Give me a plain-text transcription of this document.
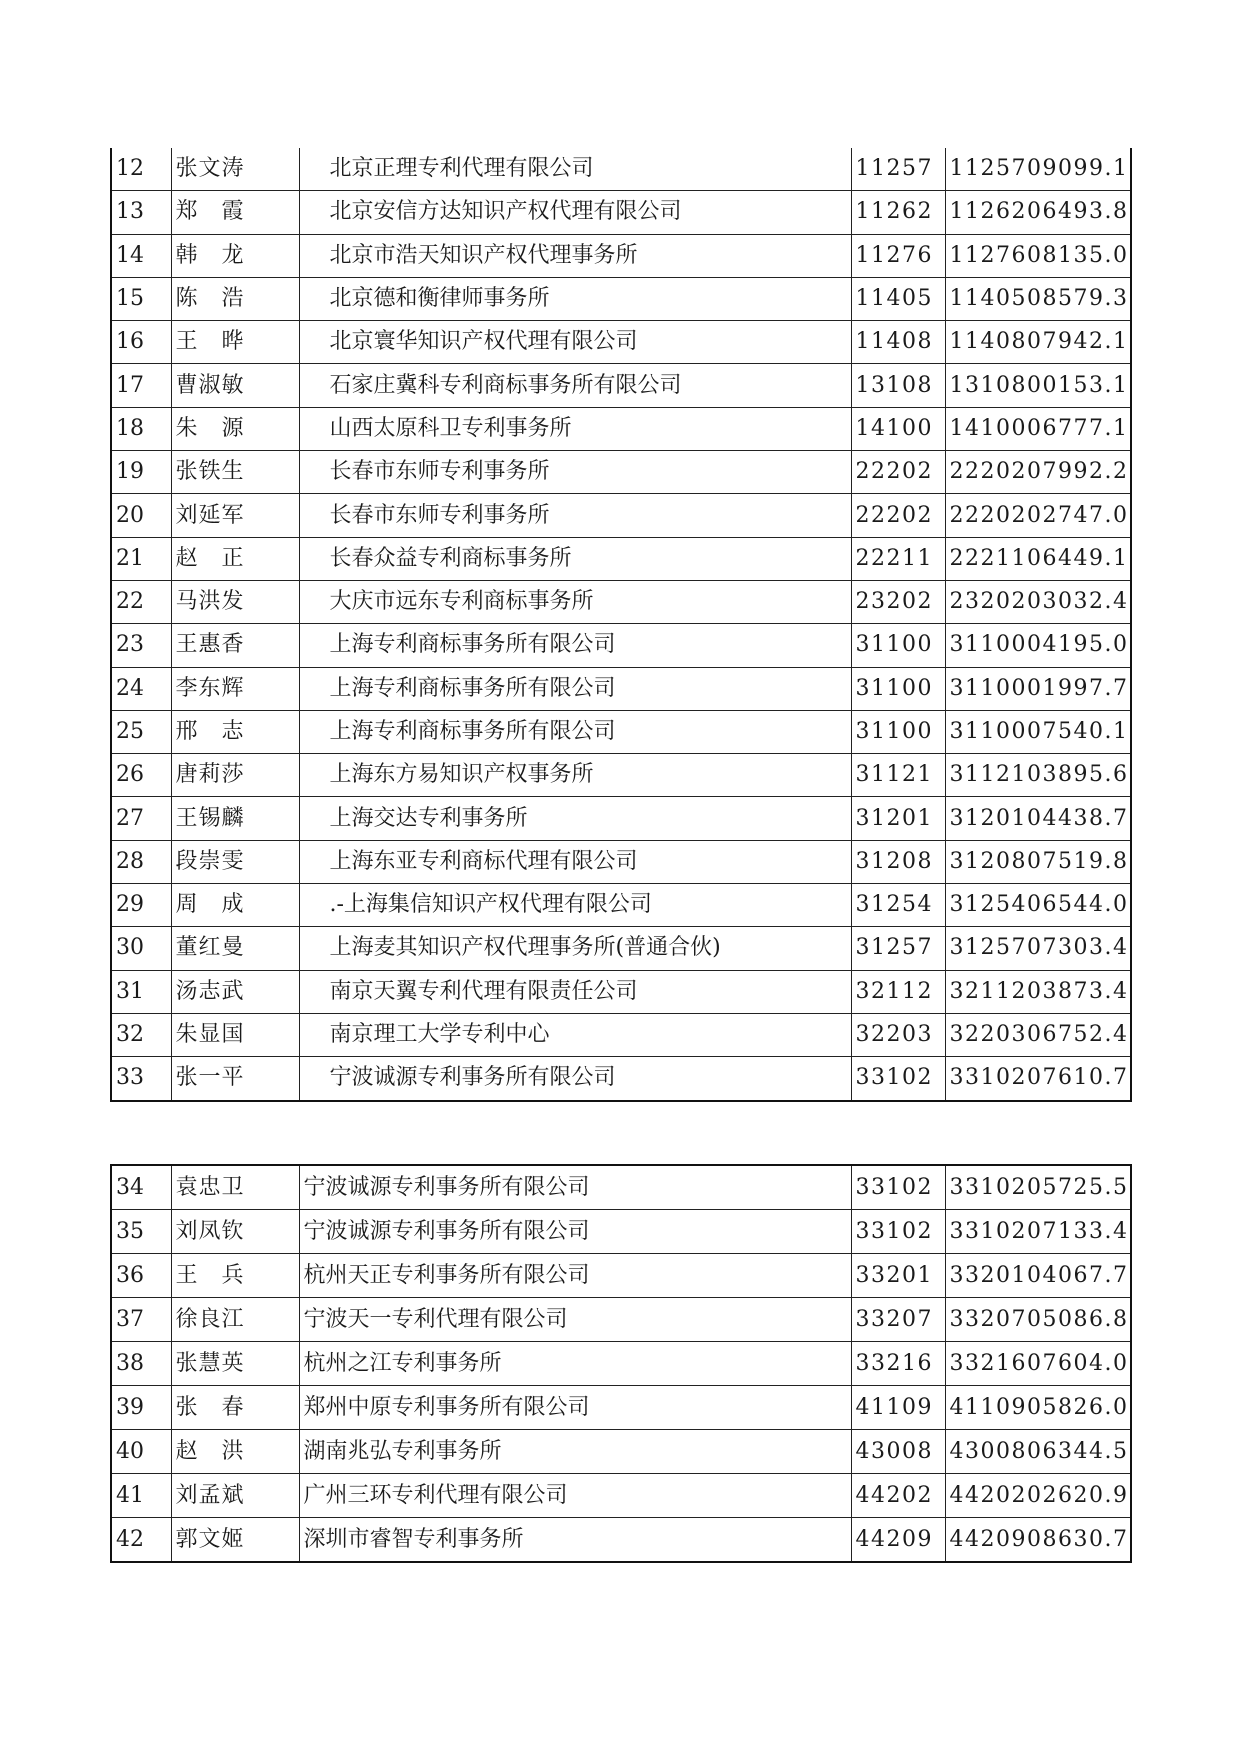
12	张文涛	北京正理专利代理有限公司	11257	1125709099.1
13	郑　霞	北京安信方达知识产权代理有限公司	11262	1126206493.8
14	韩　龙	北京市浩天知识产权代理事务所	11276	1127608135.0
15	陈　浩	北京德和衡律师事务所	11405	1140508579.3
16	王　晔	北京寰华知识产权代理有限公司	11408	1140807942.1
17	曹淑敏	石家庄冀科专利商标事务所有限公司	13108	1310800153.1
18	朱　源	山西太原科卫专利事务所	14100	1410006777.1
19	张铁生	长春市东师专利事务所	22202	2220207992.2
20	刘延军	长春市东师专利事务所	22202	2220202747.0
21	赵　正	长春众益专利商标事务所	22211	2221106449.1
22	马洪发	大庆市远东专利商标事务所	23202	2320203032.4
23	王惠香	上海专利商标事务所有限公司	31100	3110004195.0
24	李东辉	上海专利商标事务所有限公司	31100	3110001997.7
25	邢　志	上海专利商标事务所有限公司	31100	3110007540.1
26	唐莉莎	上海东方易知识产权事务所	31121	3112103895.6
27	王锡麟	上海交达专利事务所	31201	3120104438.7
28	段崇雯	上海东亚专利商标代理有限公司	31208	3120807519.8
29	周　成	.-上海集信知识产权代理有限公司	31254	3125406544.0
30	董红曼	上海麦其知识产权代理事务所(普通合伙)	31257	3125707303.4
31	汤志武	南京天翼专利代理有限责任公司	32112	3211203873.4
32	朱显国	南京理工大学专利中心	32203	3220306752.4
33	张一平	宁波诚源专利事务所有限公司	33102	3310207610.7
34	袁忠卫	宁波诚源专利事务所有限公司	33102	3310205725.5
35	刘凤钦	宁波诚源专利事务所有限公司	33102	3310207133.4
36	王　兵	杭州天正专利事务所有限公司	33201	3320104067.7
37	徐良江	宁波天一专利代理有限公司	33207	3320705086.8
38	张慧英	杭州之江专利事务所	33216	3321607604.0
39	张　春	郑州中原专利事务所有限公司	41109	4110905826.0
40	赵　洪	湖南兆弘专利事务所	43008	4300806344.5
41	刘孟斌	广州三环专利代理有限公司	44202	4420202620.9
42	郭文姬	深圳市睿智专利事务所	44209	4420908630.7
